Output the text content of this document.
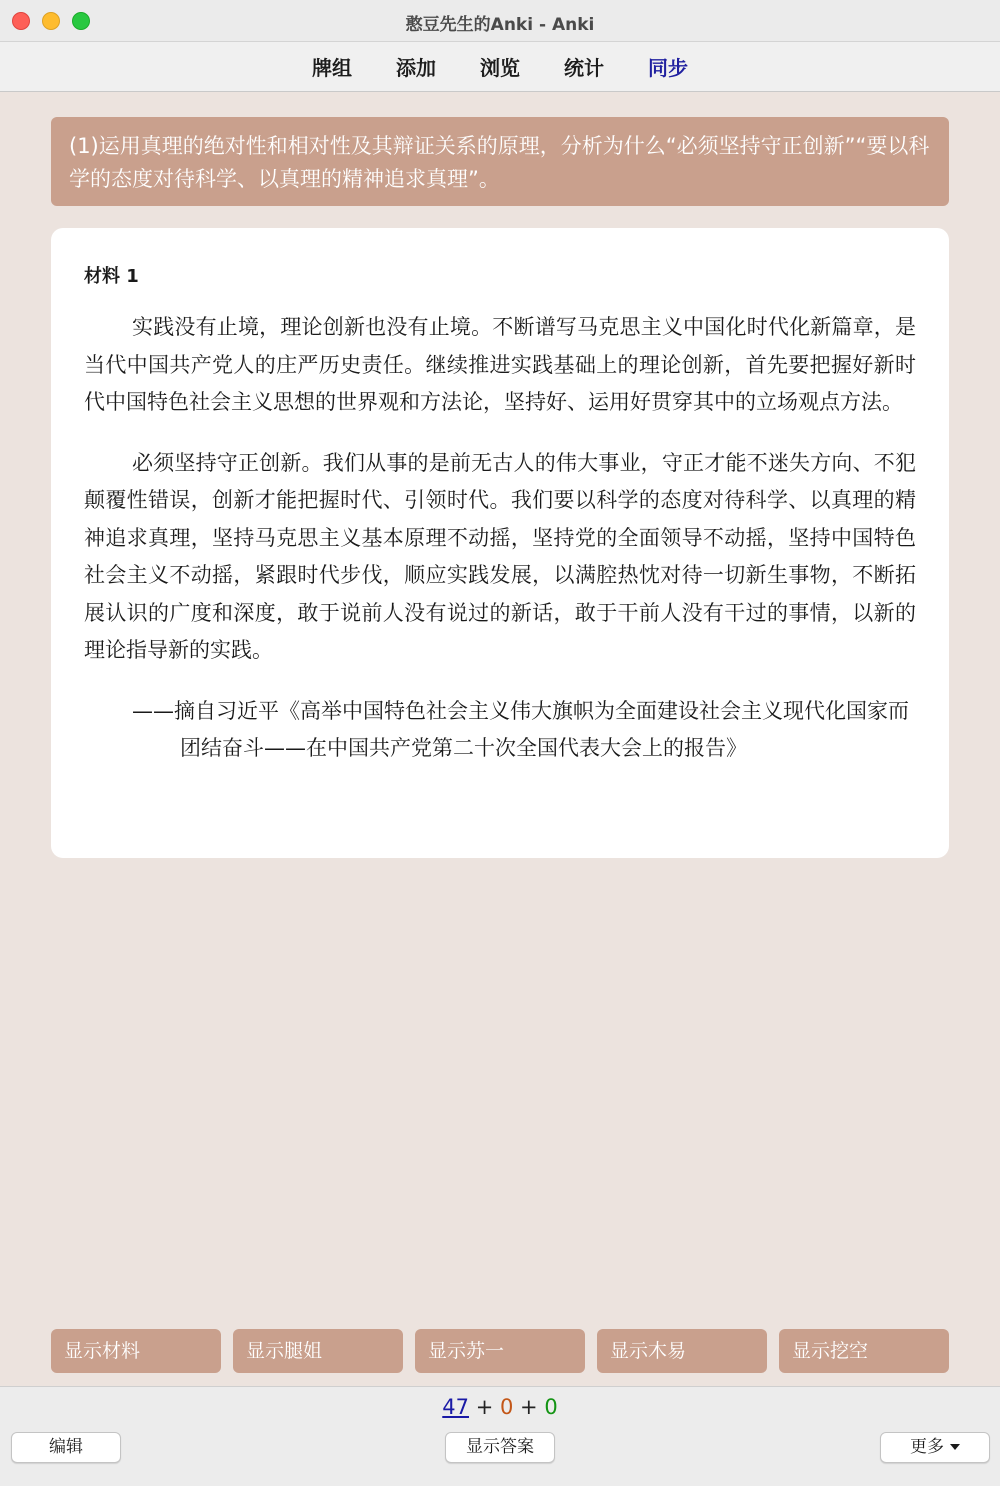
憨豆先生的Anki - Anki
牌组 添加 浏览 统计 同步
(1)运用真理的绝对性和相对性及其辩证关系的原理，分析为什么“必须坚持守正创新”“要以科学的态度对待科学、以真理的精神追求真理”。
材料 1

实践没有止境，理论创新也没有止境。不断谱写马克思主义中国化时代化新篇章，是当代中国共产党人的庄严历史责任。继续推进实践基础上的理论创新，首先要把握好新时代中国特色社会主义思想的世界观和方法论，坚持好、运用好贯穿其中的立场观点方法。

必须坚持守正创新。我们从事的是前无古人的伟大事业，守正才能不迷失方向、不犯颠覆性错误，创新才能把握时代、引领时代。我们要以科学的态度对待科学、以真理的精神追求真理，坚持马克思主义基本原理不动摇，坚持党的全面领导不动摇，坚持中国特色社会主义不动摇，紧跟时代步伐，顺应实践发展，以满腔热忱对待一切新生事物，不断拓展认识的广度和深度，敢于说前人没有说过的新话，敢于干前人没有干过的事情，以新的理论指导新的实践。

——摘自习近平《高举中国特色社会主义伟大旗帜为全面建设社会主义现代化国家而团结奋斗——在中国共产党第二十次全国代表大会上的报告》

显示材料	显示腿姐	显示苏一	显示木易	显示挖空
47 + 0 + 0
编辑	显示答案	更多
